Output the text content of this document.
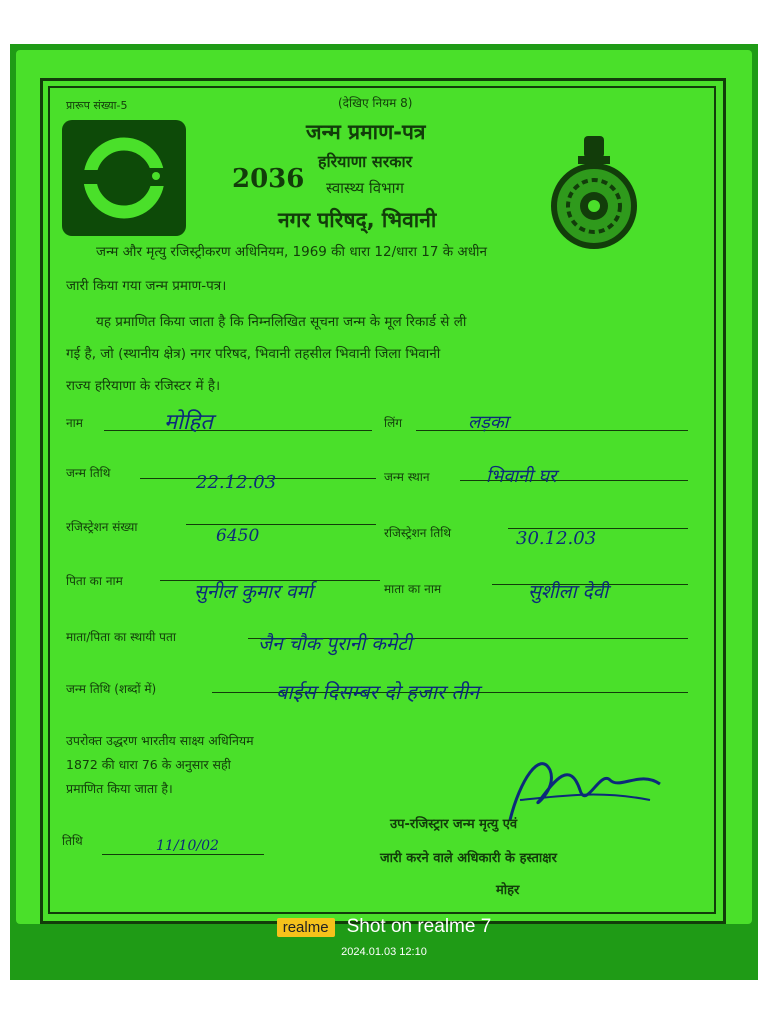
प्रारूप संख्या-5	(देखिए नियम 8)
जन्म प्रमाण-पत्र
हरियाणा सरकार
2036 स्वास्थ्य विभाग
नगर परिषद्, भिवानी
जन्म और मृत्यु रजिस्ट्रीकरण अधिनियम, 1969 की धारा 12/धारा 17 के अधीन
जारी किया गया जन्म प्रमाण-पत्र।
यह प्रमाणित किया जाता है कि निम्नलिखित सूचना जन्म के मूल रिकार्ड से ली
गई है, जो (स्थानीय क्षेत्र) नगर परिषद, भिवानी तहसील भिवानी जिला भिवानी
राज्य हरियाणा के रजिस्टर में है।
नाम	मोहित	लिंग	लड़का
जन्म तिथि	22.12.03	जन्म स्थान	भिवानी घर
रजिस्ट्रेशन संख्या	6450	रजिस्ट्रेशन तिथि	30.12.03
पिता का नाम	सुनील कुमार वर्मा	माता का नाम	सुशीला देवी
माता/पिता का स्थायी पता	जैन चौक पुरानी कमेटी
जन्म तिथि (शब्दों में)	बाईस दिसम्बर दो हजार तीन
उपरोक्त उद्धरण भारतीय साक्ष्य अधिनियम
1872 की धारा 76 के अनुसार सही
प्रमाणित किया जाता है।
तिथि	11/10/02
उप-रजिस्ट्रार जन्म मृत्यु एवं
जारी करने वाले अधिकारी के हस्ताक्षर
मोहर
realme Shot on realme 7
2024.01.03 12:10
